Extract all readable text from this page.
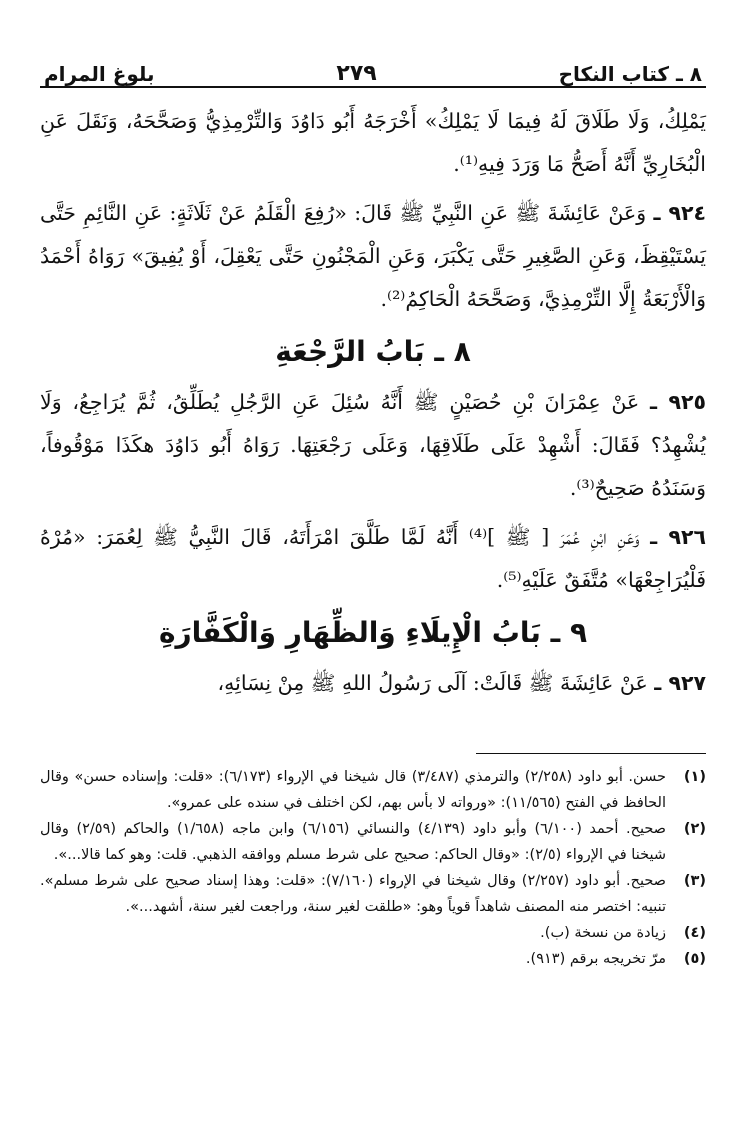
٨ ـ كتاب النكاح
٢٧٩
بلوغ المرام

يَمْلِكُ، وَلَا طَلَاقَ لَهُ فِيمَا لَا يَمْلِكُ» أَخْرَجَهُ أَبُو دَاوُدَ وَالتِّرْمِذِيُّ وَصَحَّحَهُ، وَنَقَلَ عَنِ الْبُخَارِيِّ أَنَّهُ أَصَحُّ مَا وَرَدَ فِيهِ⁽¹⁾.

٩٢٤ ـ وَعَنْ عَائِشَةَ ﷺ عَنِ النَّبِيِّ ﷺ قَالَ: «رُفِعَ الْقَلَمُ عَنْ ثَلَاثَةٍ: عَنِ النَّائِمِ حَتَّى يَسْتَيْقِظَ، وَعَنِ الصَّغِيرِ حَتَّى يَكْبَرَ، وَعَنِ الْمَجْنُونِ حَتَّى يَعْقِلَ، أَوْ يُفِيقَ» رَوَاهُ أَحْمَدُ وَالْأَرْبَعَةُ إِلَّا التِّرْمِذِيَّ، وَصَحَّحَهُ الْحَاكِمُ⁽²⁾.

٨ ـ بَابُ الرَّجْعَةِ

٩٢٥ ـ عَنْ عِمْرَانَ بْنِ حُصَيْنٍ ﷺ أَنَّهُ سُئِلَ عَنِ الرَّجُلِ يُطَلِّقُ، ثُمَّ يُرَاجِعُ، وَلَا يُشْهِدُ؟ فَقَالَ: أَشْهِدْ عَلَى طَلَاقِهَا، وَعَلَى رَجْعَتِهَا. رَوَاهُ أَبُو دَاوُدَ هكَذَا مَوْقُوفاً، وَسَنَدُهُ صَحِيحٌ⁽³⁾.

٩٢٦ ـ وَعَنِ ابْنِ عُمَرَ [ ﷺ ]⁽⁴⁾ أَنَّهُ لَمَّا طَلَّقَ امْرَأَتَهُ، قَالَ النَّبِيُّ ﷺ لِعُمَرَ: «مُرْهُ فَلْيُرَاجِعْهَا» مُتَّفَقٌ عَلَيْهِ⁽⁵⁾.

٩ ـ بَابُ الْإِيلَاءِ وَالظِّهَارِ وَالْكَفَّارَةِ

٩٢٧ ـ عَنْ عَائِشَةَ ﷺ قَالَتْ: آلَى رَسُولُ اللهِ ﷺ مِنْ نِسَائِهِ،

(١)
حسن. أبو داود (٢/٢٥٨) والترمذي (٣/٤٨٧) قال شيخنا في الإرواء (٦/١٧٣): «قلت: وإسناده حسن» وقال الحافظ في الفتح (١١/٥٦٥): «ورواته لا بأس بهم، لكن اختلف في سنده على عمرو».
(٢)
صحيح. أحمد (٦/١٠٠) وأبو داود (٤/١٣٩) والنسائي (٦/١٥٦) وابن ماجه (١/٦٥٨) والحاكم (٢/٥٩) وقال شيخنا في الإرواء (٢/٥): «وقال الحاكم: صحيح على شرط مسلم ووافقه الذهبي. قلت: وهو كما قالا...».
(٣)
صحيح. أبو داود (٢/٢٥٧) وقال شيخنا في الإرواء (٧/١٦٠): «قلت: وهذا إسناد صحيح على شرط مسلم». تنبيه: اختصر منه المصنف شاهداً قوياً وهو: «طلقت لغير سنة، وراجعت لغير سنة، أشهد...».
(٤)
زيادة من نسخة (ب).
(٥)
مرّ تخريجه برقم (٩١٣).
